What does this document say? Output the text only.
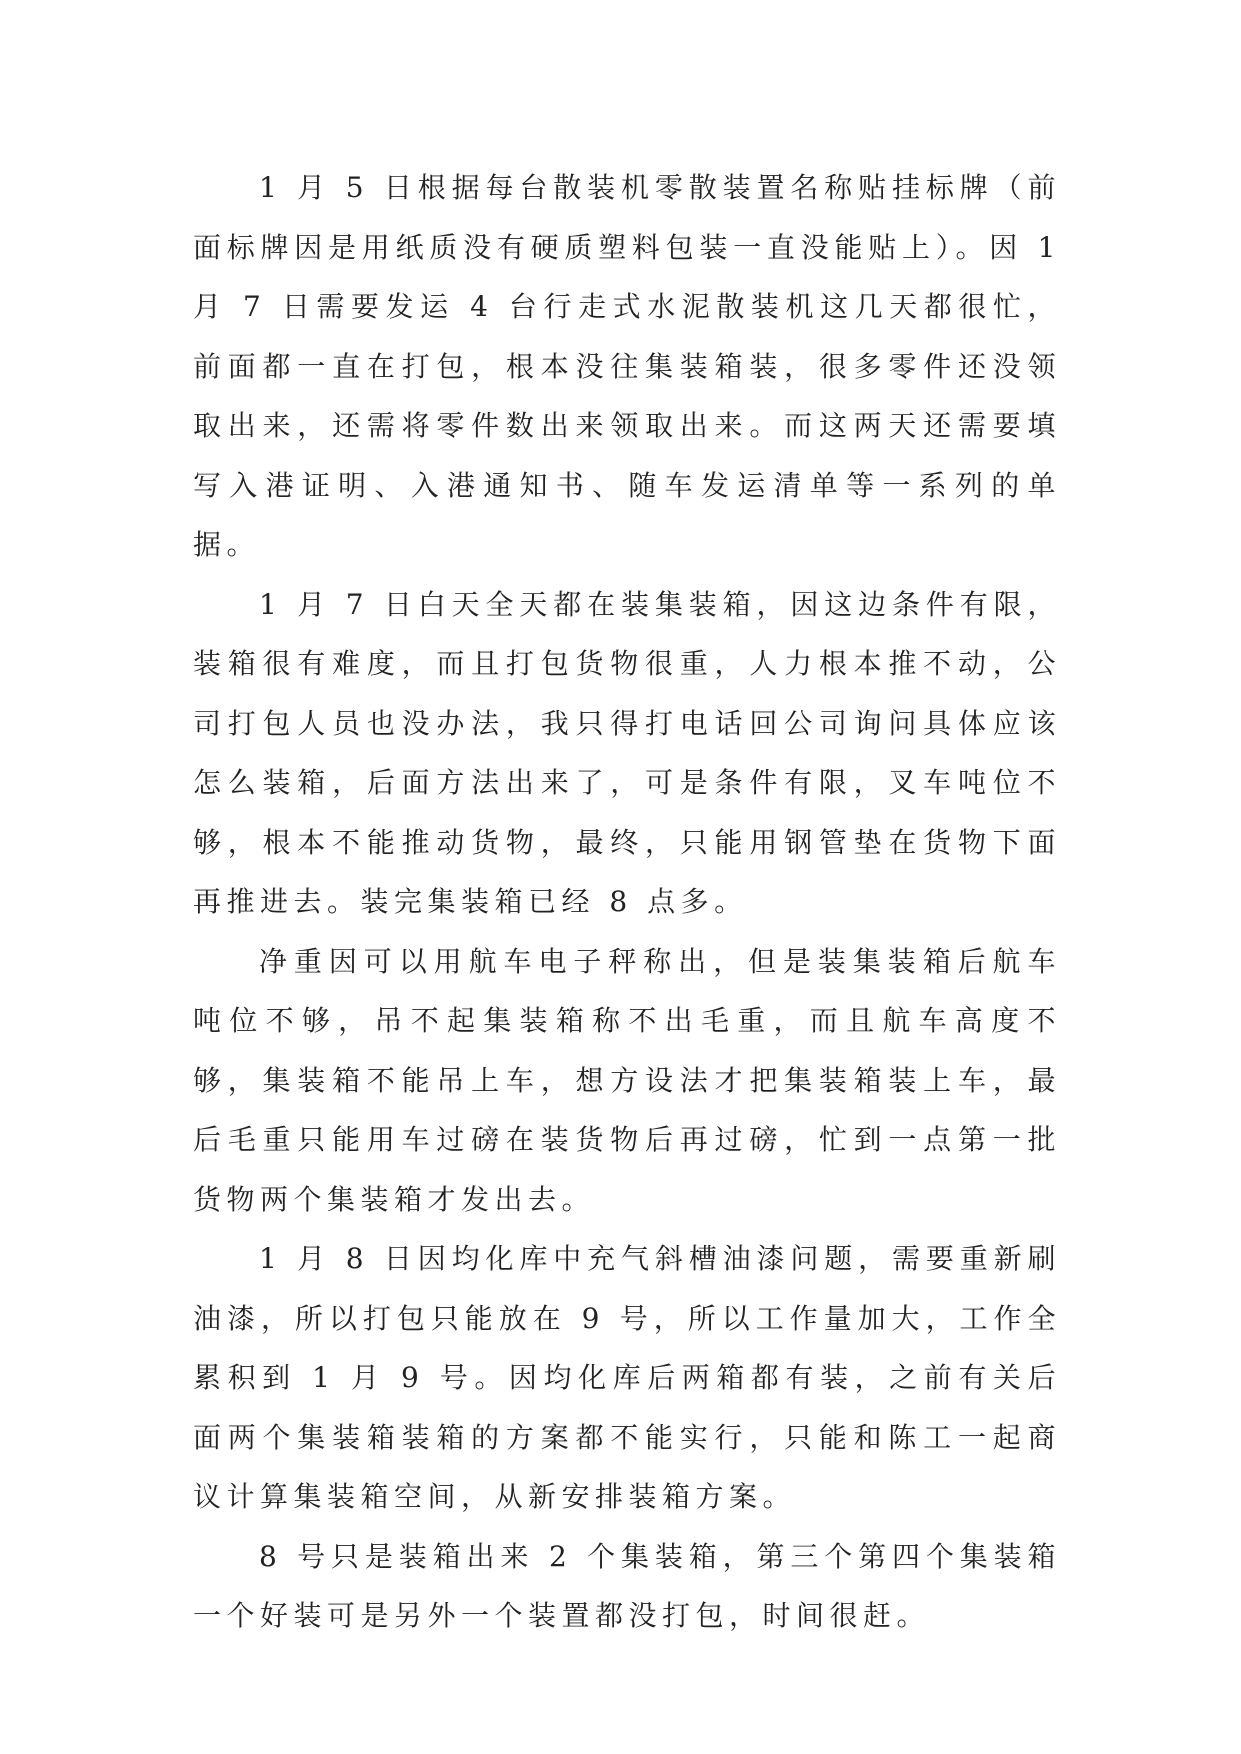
1 月 5 日根据每台散装机零散装置名称贴挂标牌（前面标牌因是用纸质没有硬质塑料包装一直没能贴上）。因 1 月 7 日需要发运 4 台行走式水泥散装机这几天都很忙，前面都一直在打包，根本没往集装箱装，很多零件还没领取出来，还需将零件数出来领取出来。而这两天还需要填写入港证明、入港通知书、随车发运清单等一系列的单据。

1 月 7 日白天全天都在装集装箱，因这边条件有限，装箱很有难度，而且打包货物很重，人力根本推不动，公司打包人员也没办法，我只得打电话回公司询问具体应该怎么装箱，后面方法出来了，可是条件有限，叉车吨位不够，根本不能推动货物，最终，只能用钢管垫在货物下面再推进去。装完集装箱已经 8 点多。

净重因可以用航车电子秤称出，但是装集装箱后航车吨位不够，吊不起集装箱称不出毛重，而且航车高度不够，集装箱不能吊上车，想方设法才把集装箱装上车，最后毛重只能用车过磅在装货物后再过磅，忙到一点第一批货物两个集装箱才发出去。

1 月 8 日因均化库中充气斜槽油漆问题，需要重新刷油漆，所以打包只能放在 9 号，所以工作量加大，工作全累积到 1 月 9 号。因均化库后两箱都有装，之前有关后面两个集装箱装箱的方案都不能实行，只能和陈工一起商议计算集装箱空间，从新安排装箱方案。

8 号只是装箱出来 2 个集装箱，第三个第四个集装箱一个好装可是另外一个装置都没打包，时间很赶。
